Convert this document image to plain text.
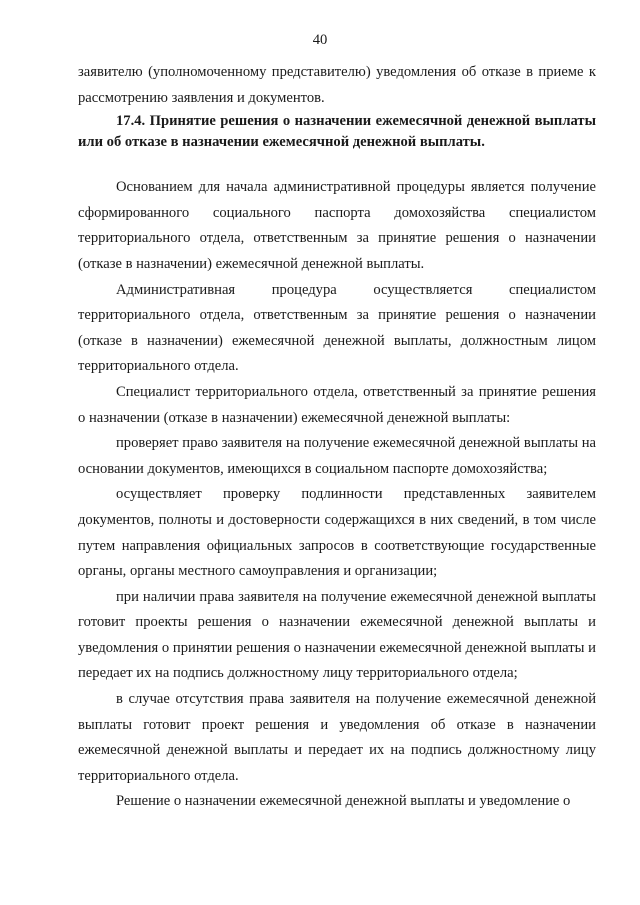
40

заявителю (уполномоченному представителю) уведомления об отказе в приеме к рассмотрению заявления и документов.

17.4. Принятие решения о назначении ежемесячной денежной выплаты или об отказе в назначении ежемесячной денежной выплаты.

Основанием для начала административной процедуры является получение сформированного социального паспорта домохозяйства специалистом территориального отдела, ответственным за принятие решения о назначении (отказе в назначении) ежемесячной денежной выплаты.

Административная процедура осуществляется специалистом территориального отдела, ответственным за принятие решения о назначении (отказе в назначении) ежемесячной денежной выплаты, должностным лицом территориального отдела.

Специалист территориального отдела, ответственный за принятие решения о назначении (отказе в назначении) ежемесячной денежной выплаты:

проверяет право заявителя на получение ежемесячной денежной выплаты на основании документов, имеющихся в социальном паспорте домохозяйства;

осуществляет проверку подлинности представленных заявителем документов, полноты и достоверности содержащихся в них сведений, в том числе путем направления официальных запросов в соответствующие государственные органы, органы местного самоуправления и организации;

при наличии права заявителя на получение ежемесячной денежной выплаты готовит проекты решения о назначении ежемесячной денежной выплаты и уведомления о принятии решения о назначении ежемесячной денежной выплаты и передает их на подпись должностному лицу территориального отдела;

в случае отсутствия права заявителя на получение ежемесячной денежной выплаты готовит проект решения и уведомления об отказе в назначении ежемесячной денежной выплаты и передает их на подпись должностному лицу территориального отдела.

Решение о назначении ежемесячной денежной выплаты и уведомление о
